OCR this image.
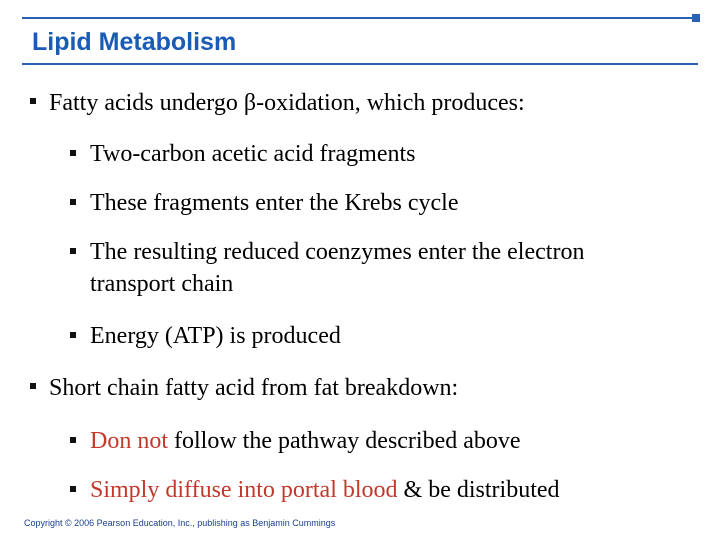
Lipid Metabolism
Fatty acids undergo β-oxidation, which produces:
Two-carbon acetic acid fragments
These fragments enter the Krebs cycle
The resulting reduced coenzymes enter the electron transport chain
Energy (ATP) is produced
Short chain fatty acid from fat breakdown:
Don not follow the pathway described above
Simply diffuse into portal blood & be distributed
Copyright © 2006 Pearson Education, Inc., publishing as Benjamin Cummings
